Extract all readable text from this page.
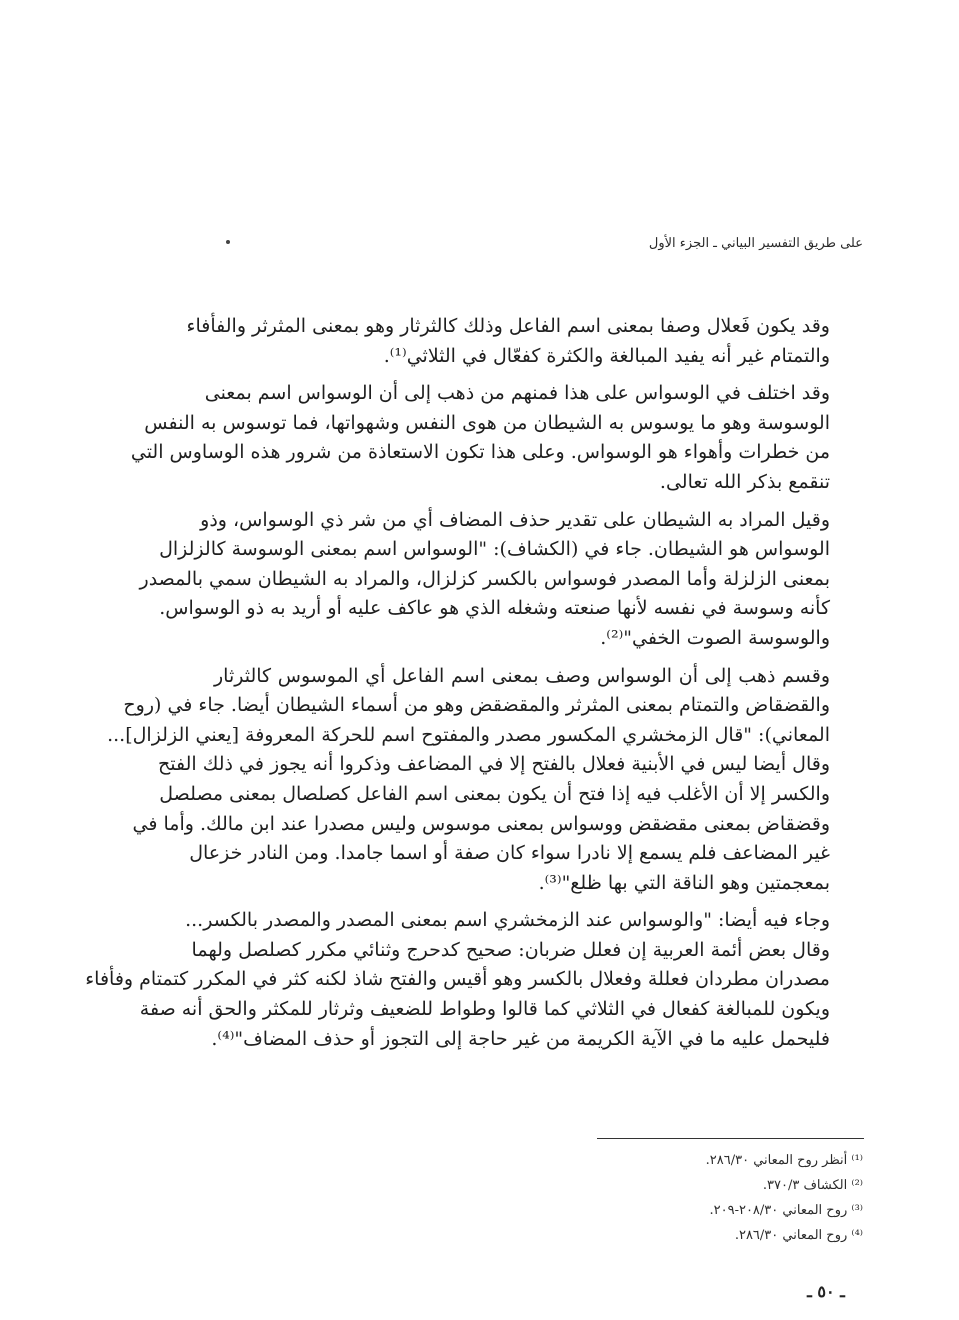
على طريق التفسير البياني ـ الجزء الأول

وقد يكون فَعلال وصفا بمعنى اسم الفاعل وذلك كالثرثار وهو بمعنى المثرثر والفأفاء
والتمتام غير أنه يفيد المبالغة والكثرة كفعّال في الثلاثي⁽¹⁾.

وقد اختلف في الوسواس على هذا فمنهم من ذهب إلى أن الوسواس اسم بمعنى
الوسوسة وهو ما يوسوس به الشيطان من هوى النفس وشهواتها، فما توسوس به النفس
من خطرات وأهواء هو الوسواس. وعلى هذا تكون الاستعاذة من شرور هذه الوساوس التي
تنقمع بذكر الله تعالى.

وقيل المراد به الشيطان على تقدير حذف المضاف أي من شر ذي الوسواس، وذو
الوسواس هو الشيطان. جاء في (الكشاف): "الوسواس اسم بمعنى الوسوسة كالزلزال
بمعنى الزلزلة وأما المصدر فوسواس بالكسر كزلزال، والمراد به الشيطان سمي بالمصدر
كأنه وسوسة في نفسه لأنها صنعته وشغله الذي هو عاكف عليه أو أريد به ذو الوسواس.
والوسوسة الصوت الخفي"⁽²⁾.

وقسم ذهب إلى أن الوسواس وصف بمعنى اسم الفاعل أي الموسوس كالثرثار
والقضقاض والتمتام بمعنى المثرثر والمقضقض وهو من أسماء الشيطان أيضا. جاء في (روح
المعاني): "قال الزمخشري المكسور مصدر والمفتوح اسم للحركة المعروفة [يعني الزلزال]...
وقال أيضا ليس في الأبنية فعلال بالفتح إلا في المضاعف وذكروا أنه يجوز في ذلك الفتح
والكسر إلا أن الأغلب فيه إذا فتح أن يكون بمعنى اسم الفاعل كصلصال بمعنى مصلصل
وقضقاض بمعنى مقضقض ووسواس بمعنى موسوس وليس مصدرا عند ابن مالك. وأما في
غير المضاعف فلم يسمع إلا نادرا سواء كان صفة أو اسما جامدا. ومن النادر خزعال
بمعجمتين وهو الناقة التي بها ظلع"⁽³⁾.

وجاء فيه أيضا: "والوسواس عند الزمخشري اسم بمعنى المصدر والمصدر بالكسر...
وقال بعض أئمة العربية إن فعلل ضربان: صحيح كدحرج وثنائي مكرر كصلصل ولهما
مصدران مطردان فعللة وفعلال بالكسر وهو أقيس والفتح شاذ لكنه كثر في المكرر كتمتام وفأفاء
ويكون للمبالغة كفعال في الثلاثي كما قالوا وطواط للضعيف وثرثار للمكثر والحق أنه صفة
فليحمل عليه ما في الآية الكريمة من غير حاجة إلى التجوز أو حذف المضاف"⁽⁴⁾.

⁽¹⁾ أنظر روح المعاني ٢٨٦/٣٠.
⁽²⁾ الكشاف ٣٧٠/٣.
⁽³⁾ روح المعاني ٢٠٨/٣٠-٢٠٩.
⁽⁴⁾ روح المعاني ٢٨٦/٣٠.
ـ ٥٠ ـ
